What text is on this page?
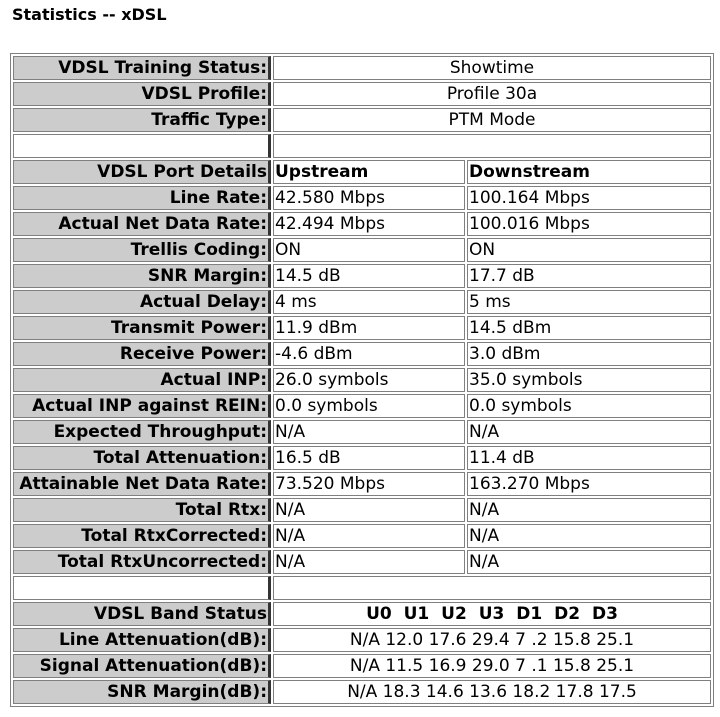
Statistics -- xDSL
VDSL Training Status:	Showtime	
VDSL Profile:	Profile 30a	
Traffic Type:	PTM Mode	

VDSL Port Details	Upstream	Downstream
Line Rate:	42.580 Mbps	100.164 Mbps
Actual Net Data Rate:	42.494 Mbps	100.016 Mbps
Trellis Coding:	ON	ON
SNR Margin:	14.5 dB	17.7 dB
Actual Delay:	4 ms	5 ms
Transmit Power:	11.9 dBm	14.5 dBm
Receive Power:	-4.6 dBm	3.0 dBm
Actual INP:	26.0 symbols	35.0 symbols
Actual INP against REIN:	0.0 symbols	0.0 symbols
Expected Throughput:	N/A	N/A
Total Attenuation:	16.5 dB	11.4 dB
Attainable Net Data Rate:	73.520 Mbps	163.270 Mbps
Total Rtx:	N/A	N/A
Total RtxCorrected:	N/A	N/A
Total RtxUncorrected:	N/A	N/A

VDSL Band Status	U0 U1 U2 U3 D1 D2 D3	
Line Attenuation(dB):	N/A 12.0 17.6 29.4 7 .2 15.8 25.1	
Signal Attenuation(dB):	N/A 11.5 16.9 29.0 7 .1 15.8 25.1	
SNR Margin(dB):	N/A 18.3 14.6 13.6 18.2 17.8 17.5	
